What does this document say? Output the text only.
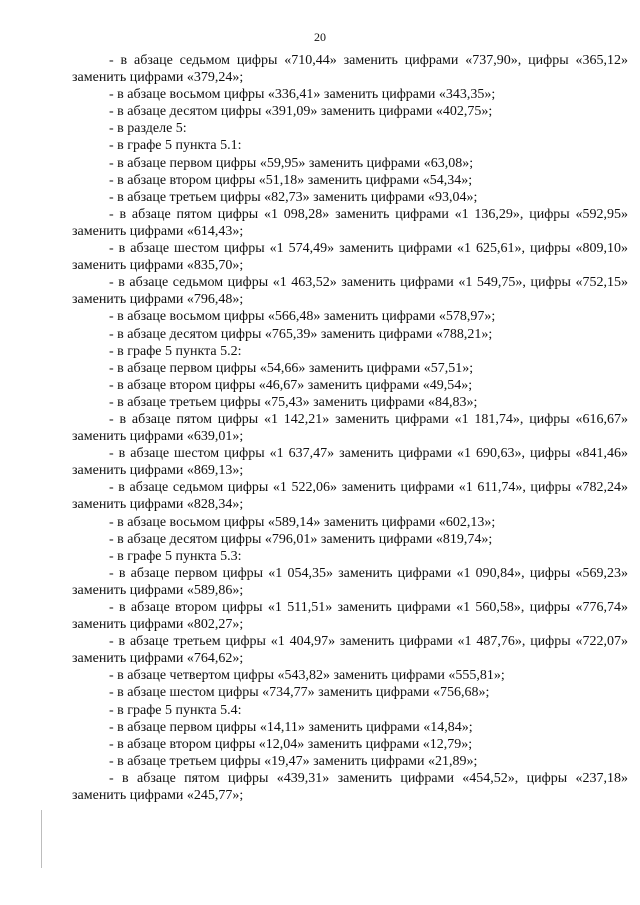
20

- в абзаце седьмом цифры «710,44» заменить цифрами «737,90», цифры «365,12» заменить цифрами «379,24»;

- в абзаце восьмом цифры «336,41» заменить цифрами «343,35»;

- в абзаце десятом цифры «391,09» заменить цифрами «402,75»;

- в разделе 5:

- в графе 5 пункта 5.1:

- в абзаце первом цифры «59,95» заменить цифрами «63,08»;

- в абзаце втором цифры «51,18» заменить цифрами «54,34»;

- в абзаце третьем цифры «82,73» заменить цифрами «93,04»;

- в абзаце пятом цифры «1 098,28» заменить цифрами «1 136,29», цифры «592,95» заменить цифрами «614,43»;

- в абзаце шестом цифры «1 574,49» заменить цифрами «1 625,61», цифры «809,10» заменить цифрами «835,70»;

- в абзаце седьмом цифры «1 463,52» заменить цифрами «1 549,75», цифры «752,15» заменить цифрами «796,48»;

- в абзаце восьмом цифры «566,48» заменить цифрами «578,97»;

- в абзаце десятом цифры «765,39» заменить цифрами «788,21»;

- в графе 5 пункта 5.2:

- в абзаце первом цифры «54,66» заменить цифрами «57,51»;

- в абзаце втором цифры «46,67» заменить цифрами «49,54»;

- в абзаце третьем цифры «75,43» заменить цифрами «84,83»;

- в абзаце пятом цифры «1 142,21» заменить цифрами «1 181,74», цифры «616,67» заменить цифрами «639,01»;

- в абзаце шестом цифры «1 637,47» заменить цифрами «1 690,63», цифры «841,46» заменить цифрами «869,13»;

- в абзаце седьмом цифры «1 522,06» заменить цифрами «1 611,74», цифры «782,24» заменить цифрами «828,34»;

- в абзаце восьмом цифры «589,14» заменить цифрами «602,13»;

- в абзаце десятом цифры «796,01» заменить цифрами «819,74»;

- в графе 5 пункта 5.3:

- в абзаце первом цифры «1 054,35» заменить цифрами «1 090,84», цифры «569,23» заменить цифрами «589,86»;

- в абзаце втором цифры «1 511,51» заменить цифрами «1 560,58», цифры «776,74» заменить цифрами «802,27»;

- в абзаце третьем цифры «1 404,97» заменить цифрами «1 487,76», цифры «722,07» заменить цифрами «764,62»;

- в абзаце четвертом цифры «543,82» заменить цифрами «555,81»;

- в абзаце шестом цифры «734,77» заменить цифрами «756,68»;

- в графе 5 пункта 5.4:

- в абзаце первом цифры «14,11» заменить цифрами «14,84»;

- в абзаце втором цифры «12,04» заменить цифрами «12,79»;

- в абзаце третьем цифры «19,47» заменить цифрами «21,89»;

- в абзаце пятом цифры «439,31» заменить цифрами «454,52», цифры «237,18» заменить цифрами «245,77»;
